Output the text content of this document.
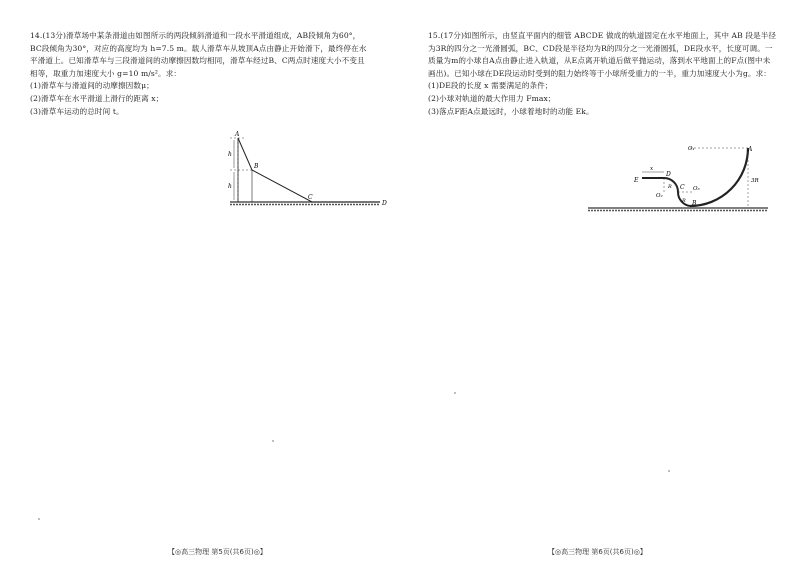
14.(13分)滑草场中某条滑道由如图所示的两段倾斜滑道和一段水平滑道组成，AB段倾角为60°，BC段倾角为30°，对应的高度均为 h=7.5 m。载人滑草车从坡顶A点由静止开始滑下，最终停在水平滑道上。已知滑草车与三段滑道间的动摩擦因数均相同，滑草车经过B、C两点时速度大小不变且相等，取重力加速度大小 g=10 m/s²。求：

(1)滑草车与滑道间的动摩擦因数μ；
(2)滑草车在水平滑道上滑行的距离 x；
(3)滑草车运动的总时间 t。
A
B
C
D
h
h
【◎高三物理 第5页(共6页)◎】

15.(17分)如图所示，由竖直平面内的细管 ABCDE 做成的轨道固定在水平地面上，其中 AB 段是半径为3R的四分之一光滑圆弧，BC、CD段是半径均为R的四分之一光滑圆弧，DE段水平，长度可调。一质量为m的小球自A点由静止进入轨道，从E点离开轨道后做平抛运动，落到水平地面上的F点(图中未画出)。已知小球在DE段运动时受到的阻力始终等于小球所受重力的一半，重力加速度大小为g。求：

(1)DE段的长度 x 需要满足的条件；
(2)小球对轨道的最大作用力 Fmax；
(3)落点F距A点最远时，小球着地时的动能 Ek。
A
B
C
D
E
O₁
O₂
O₃
x
R
R
3R
【◎高三物理 第6页(共6页)◎】
